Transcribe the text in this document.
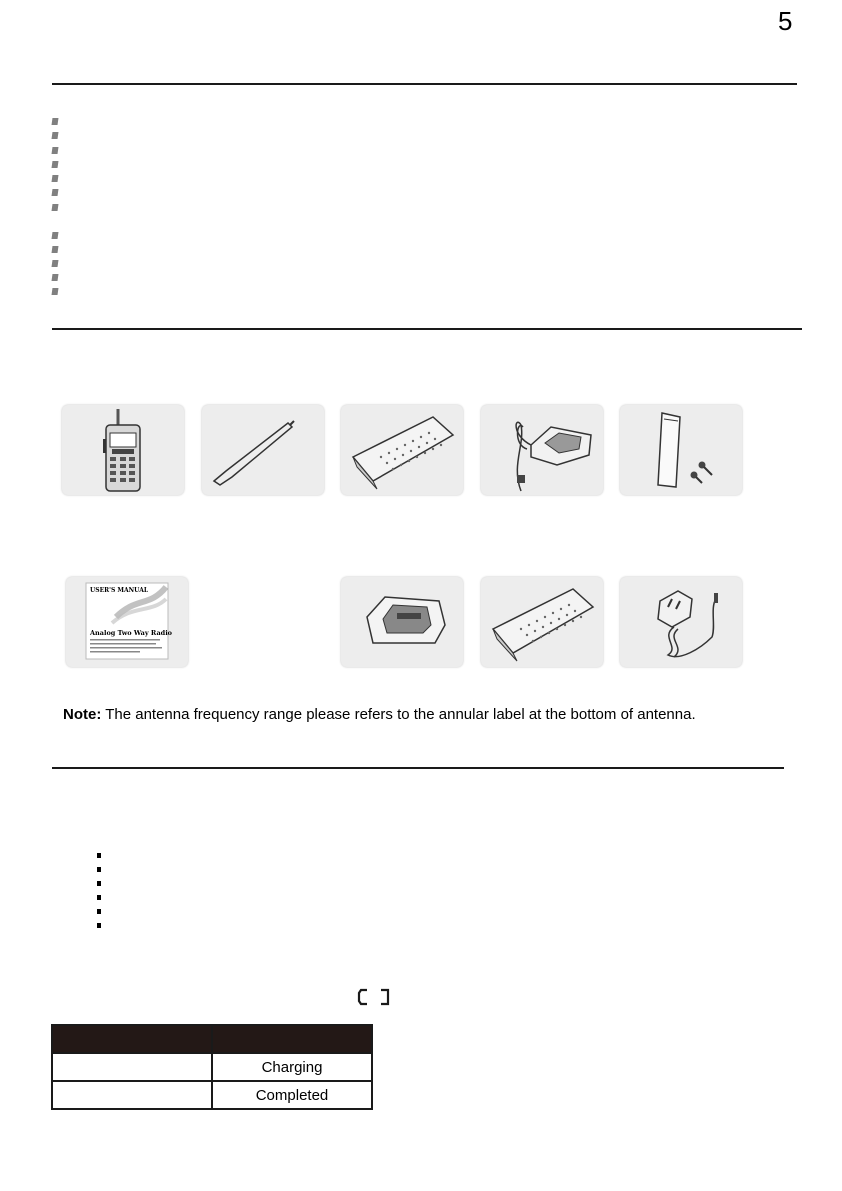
5
USER'S MANUAL
Analog Two Way Radio
Note: The antenna frequency range please refers to the annular label at the bottom of antenna.

	Charging
	Completed
